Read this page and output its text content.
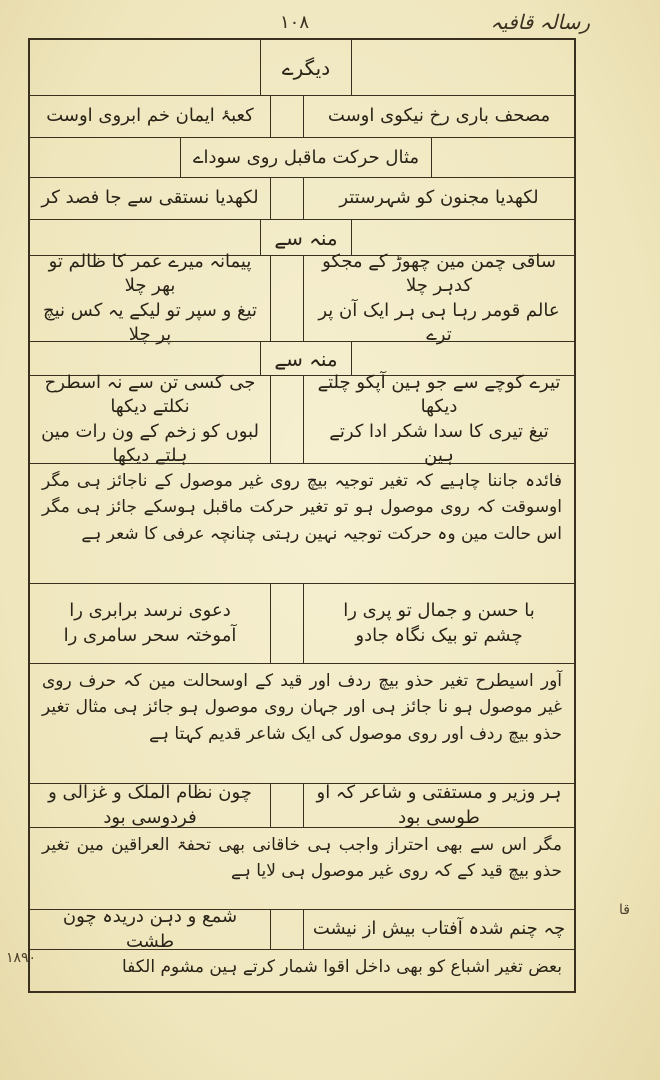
۱۰۸	رسالہ قافیہ
دیگرے
مصحف باری رخ نیکوی اوست
کعبۂ ایمان خم ابروی اوست
مثال حرکت ماقبل روی سوداے
لکھدیا مجنون کو شہرستتر
لکھدیا نستقی سے جا فصد کر
منہ سے
ساقی چمن مین چھوڑ کے مجکو کدہر چلا
عالم قومر رہا ہی ہر ایک آن پر ترے
پیمانہ میرے عمر کا ظالم تو بھر چلا
تیغ و سپر تو لیکے یہ کس نیچ پر چلا
منہ سے
تیرے کوچے سے جو ہین آپکو چلتے دیکھا
تیغ تیری کا سدا شکر ادا کرتے ہین
جی کسی تن سے نہ اسطرح نکلتے دیکھا
لبوں کو زخم کے ون رات مین ہلتے دیکھا
فائدہ جاننا چاہیے کہ تغیر توجیہ بیچ روی غیر موصول کے ناجائز ہی مگر اوسوقت کہ روی موصول ہو تو تغیر حرکت ماقبل ہوسکے جائز ہی مگر اس حالت مین وہ حرکت توجیہ نہین رہتی چنانچہ عرفی کا شعر ہے
با حسن و جمال تو پری را
چشم تو بیک نگاہ جادو
دعوی نرسد برابری را
آموختہ سحر سامری را
آور اسیطرح تغیر حذو بیچ ردف اور قید کے اوسحالت مین کہ حرف روی غیر موصول ہو نا جائز ہی اور جہان روی موصول ہو جائز ہی مثال تغیر حذو بیچ ردف اور روی موصول کی ایک شاعر قدیم کہتا ہے
ہر وزیر و مستفتی و شاعر کہ او طوسی بود
چون نظام الملک و غزالی و فردوسی بود
مگر اس سے بھی احتراز واجب ہی خاقانی بھی تحفۃ العراقین مین تغیر حذو بیچ قید کے کہ روی غیر موصول ہی لایا ہے
چہ چنم شدہ آفتاب بیش از نیشت
شمع و دہن دریدہ چون طشت
بعض تغیر اشباع کو بھی داخل اقوا شمار کرتے ہین مشوم الکفا
۱۸۹۰
قا
